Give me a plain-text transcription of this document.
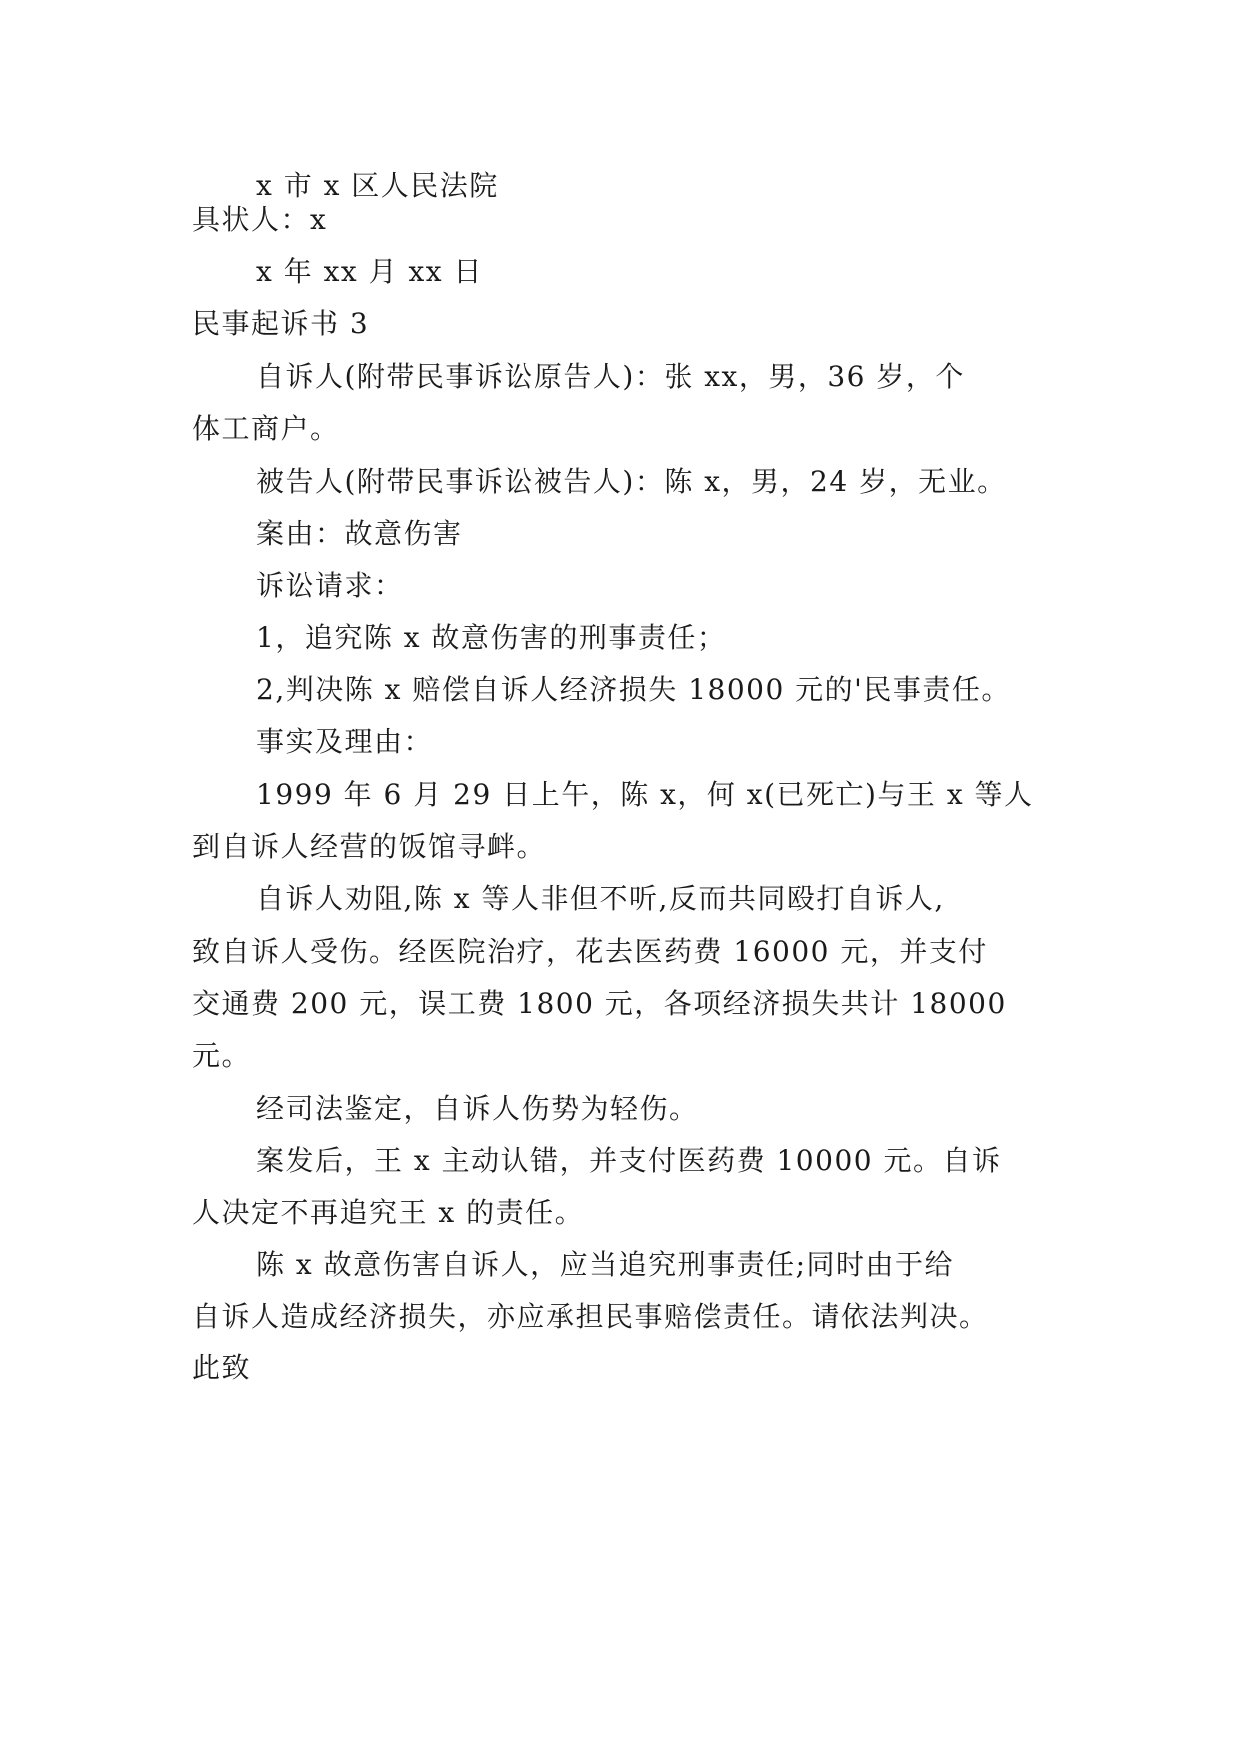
x 市 x 区人民法院
具状人：x
x 年 xx 月 xx 日
民事起诉书 3
自诉人(附带民事诉讼原告人)：张 xx，男，36 岁，个
体工商户。
被告人(附带民事诉讼被告人)：陈 x，男，24 岁，无业。
案由：故意伤害
诉讼请求：
1，追究陈 x 故意伤害的刑事责任；
2,判决陈 x 赔偿自诉人经济损失 18000 元的'民事责任。
事实及理由：
1999 年 6 月 29 日上午，陈 x，何 x(已死亡)与王 x 等人
到自诉人经营的饭馆寻衅。
自诉人劝阻,陈 x 等人非但不听,反而共同殴打自诉人,
致自诉人受伤。经医院治疗，花去医药费 16000 元，并支付
交通费 200 元，误工费 1800 元，各项经济损失共计 18000
元。
经司法鉴定，自诉人伤势为轻伤。
案发后，王 x 主动认错，并支付医药费 10000 元。自诉
人决定不再追究王 x 的责任。
陈 x 故意伤害自诉人，应当追究刑事责任;同时由于给
自诉人造成经济损失，亦应承担民事赔偿责任。请依法判决。
此致
